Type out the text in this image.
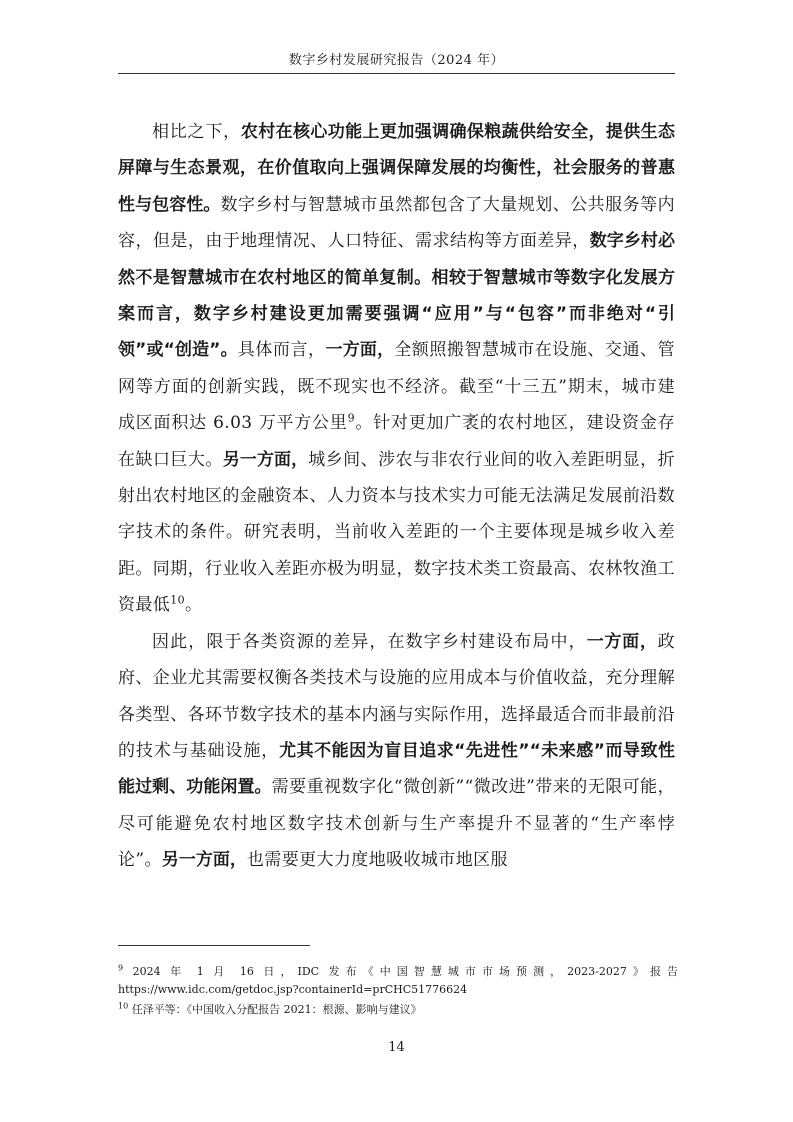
数字乡村发展研究报告（2024 年）

相比之下，农村在核心功能上更加强调确保粮蔬供给安全，提供生态屏障与生态景观，在价值取向上强调保障发展的均衡性，社会服务的普惠性与包容性。数字乡村与智慧城市虽然都包含了大量规划、公共服务等内容，但是，由于地理情况、人口特征、需求结构等方面差异，数字乡村必然不是智慧城市在农村地区的简单复制。相较于智慧城市等数字化发展方案而言，数字乡村建设更加需要强调“应用”与“包容”而非绝对“引领”或“创造”。具体而言，一方面，全额照搬智慧城市在设施、交通、管网等方面的创新实践，既不现实也不经济。截至“十三五”期末，城市建成区面积达 6.03 万平方公里$^9$。针对更加广袤的农村地区，建设资金存在缺口巨大。另一方面，城乡间、涉农与非农行业间的收入差距明显，折射出农村地区的金融资本、人力资本与技术实力可能无法满足发展前沿数字技术的条件。研究表明，当前收入差距的一个主要体现是城乡收入差距。同期，行业收入差距亦极为明显，数字技术类工资最高、农林牧渔工资最低$^{10}$。

因此，限于各类资源的差异，在数字乡村建设布局中，一方面，政府、企业尤其需要权衡各类技术与设施的应用成本与价值收益，充分理解各类型、各环节数字技术的基本内涵与实际作用，选择最适合而非最前沿的技术与基础设施，尤其不能因为盲目追求“先进性”“未来感”而导致性能过剩、功能闲置。需要重视数字化“微创新”“微改进”带来的无限可能，尽可能避免农村地区数字技术创新与生产率提升不显著的“生产率悖论”。另一方面，也需要更大力度地吸收城市地区服

$^9$ 2024 年 1 月 16 日，IDC 发布《中国智慧城市市场预测，2023-2027》报告 https://www.idc.com/getdoc.jsp?containerId=prCHC51776624

$^{10}$ 任泽平等：《中国收入分配报告 2021：根源、影响与建议》

14
